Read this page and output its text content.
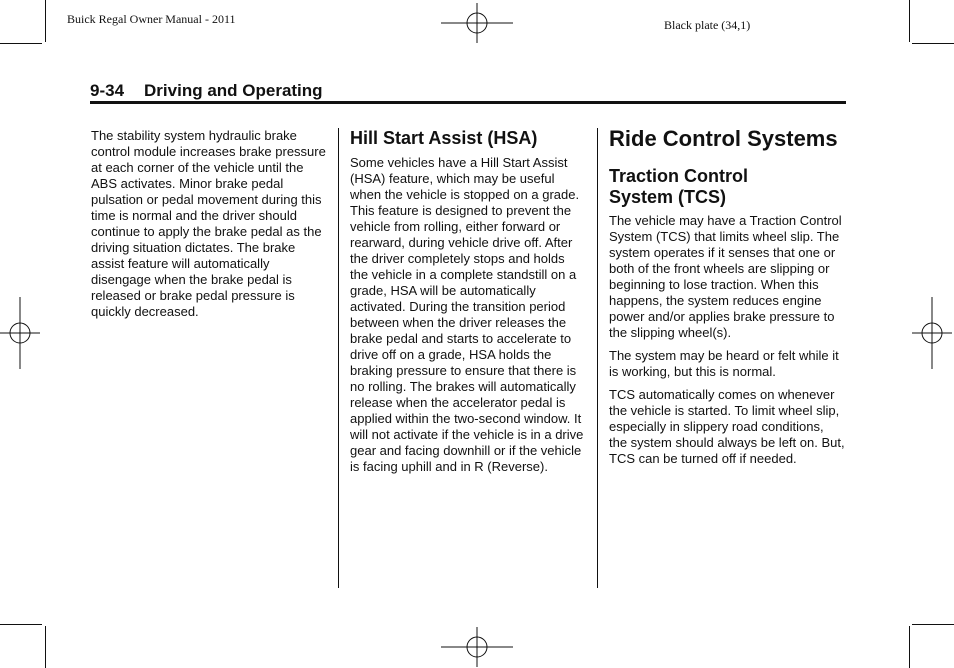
Buick Regal Owner Manual - 2011	Black plate (34,1)
9-34 Driving and Operating

The stability system hydraulic brake control module increases brake pressure at each corner of the vehicle until the ABS activates. Minor brake pedal pulsation or pedal movement during this time is normal and the driver should continue to apply the brake pedal as the driving situation dictates. The brake assist feature will automatically disengage when the brake pedal is released or brake pedal pressure is quickly decreased.

Hill Start Assist (HSA)

Some vehicles have a Hill Start Assist (HSA) feature, which may be useful when the vehicle is stopped on a grade. This feature is designed to prevent the vehicle from rolling, either forward or rearward, during vehicle drive off. After the driver completely stops and holds the vehicle in a complete standstill on a grade, HSA will be automatically activated. During the transition period between when the driver releases the brake pedal and starts to accelerate to drive off on a grade, HSA holds the braking pressure to ensure that there is no rolling. The brakes will automatically release when the accelerator pedal is applied within the two-second window. It will not activate if the vehicle is in a drive gear and facing downhill or if the vehicle is facing uphill and in R (Reverse).

Ride Control Systems
Traction Control System (TCS)

The vehicle may have a Traction Control System (TCS) that limits wheel slip. The system operates if it senses that one or both of the front wheels are slipping or beginning to lose traction. When this happens, the system reduces engine power and/or applies brake pressure to the slipping wheel(s).

The system may be heard or felt while it is working, but this is normal.

TCS automatically comes on whenever the vehicle is started. To limit wheel slip, especially in slippery road conditions, the system should always be left on. But, TCS can be turned off if needed.
